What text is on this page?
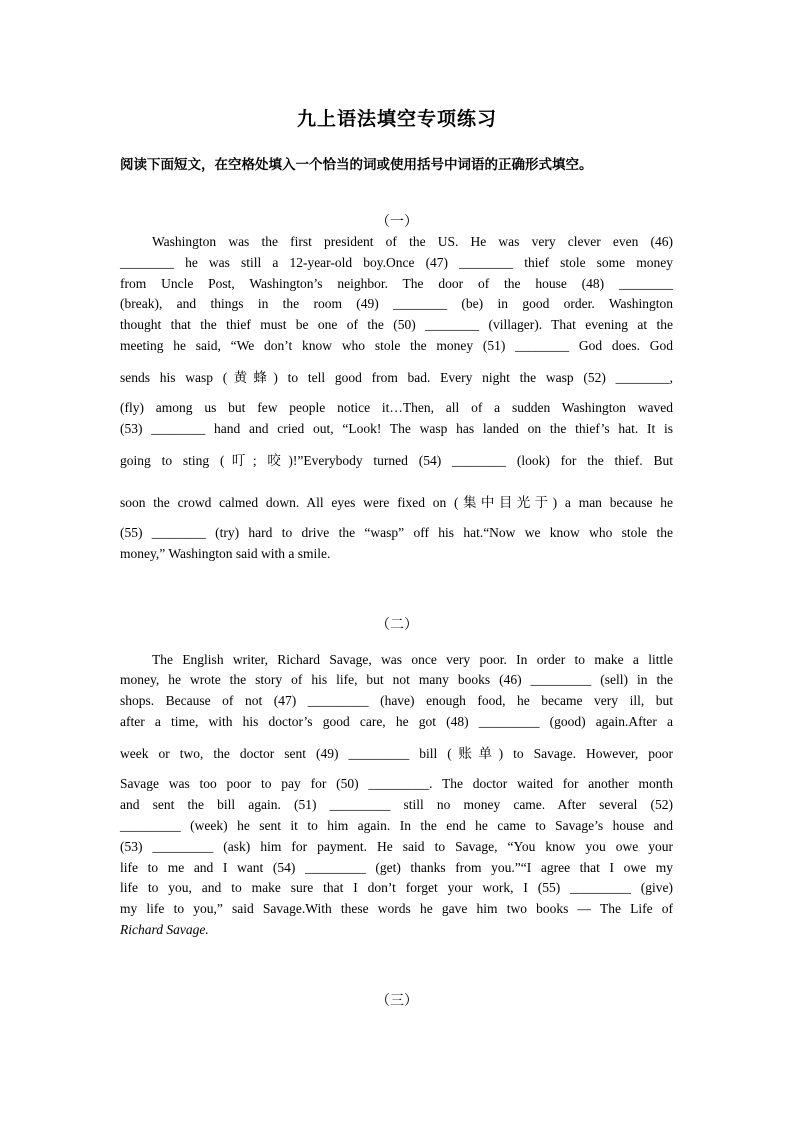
九上语法填空专项练习
阅读下面短文，在空格处填入一个恰当的词或使用括号中词语的正确形式填空。
（一）
Washington was the first president of the US. He was very clever even (46)
________ he was still a 12-year-old boy.Once (47) ________ thief stole some money
from Uncle Post, Washington’s neighbor. The door of the house (48) ________
(break), and things in the room (49) ________ (be) in good order. Washington
thought that the thief must be one of the (50) ________ (villager). That evening at the
meeting he said, “We don’t know who stole the money (51) ________ God does. God
sends his wasp (黄蜂) to tell good from bad. Every night the wasp (52) ________,
(fly) among us but few people notice it…Then, all of a sudden Washington waved
(53) ________ hand and cried out, “Look! The wasp has landed on the thief’s hat. It is
going to sting (叮; 咬)!”Everybody turned (54) ________ (look) for the thief. But
soon the crowd calmed down. All eyes were fixed on (集中目光于) a man because he
(55) ________ (try) hard to drive the “wasp” off his hat.“Now we know who stole the
money,” Washington said with a smile.
（二）
The English writer, Richard Savage, was once very poor. In order to make a little
money, he wrote the story of his life, but not many books (46) _________ (sell) in the
shops. Because of not (47) _________ (have) enough food, he became very ill, but
after a time, with his doctor’s good care, he got (48) _________ (good) again.After a
week or two, the doctor sent (49) _________ bill (账单) to Savage. However, poor
Savage was too poor to pay for (50) _________. The doctor waited for another month
and sent the bill again. (51) _________ still no money came. After several (52)
_________ (week) he sent it to him again. In the end he came to Savage’s house and
(53) _________ (ask) him for payment. He said to Savage, “You know you owe your
life to me and I want (54) _________ (get) thanks from you.”“I agree that I owe my
life to you, and to make sure that I don’t forget your work, I (55) _________ (give)
my life to you,” said Savage.With these words he gave him two books — The Life of
Richard Savage.
（三）
